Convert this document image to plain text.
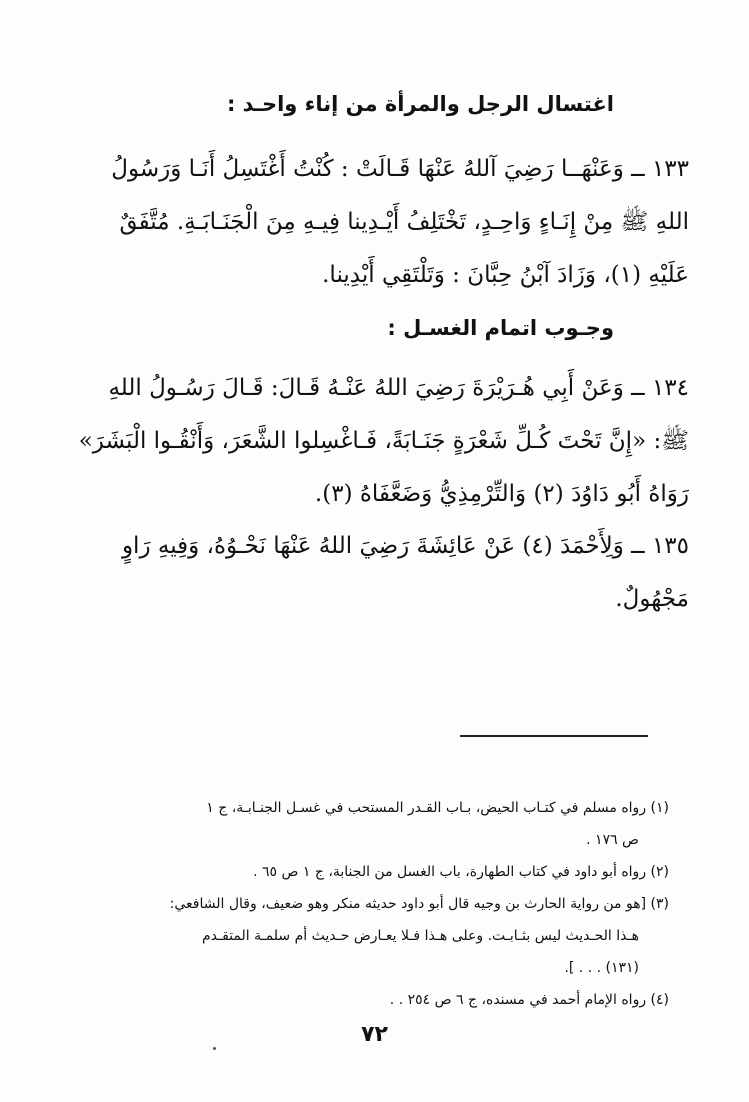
اغتسال الرجل والمرأة من إناء واحـد :
١٣٣ ــ وَعَنْهَــا رَضِيَ آللهُ عَنْهَا قَـالَتْ : كُنْتُ أَغْتَسِلُ أَنَـا وَرَسُولُ
اللهِ ﷺ مِنْ إِنَـاءٍ وَاحِـدٍ، تَخْتَلِفُ أَيْـدِينا فِيـهِ مِنَ الْجَنَـابَـةِ. مُتَّفَقٌ
عَلَيْهِ (١)، وَزَادَ آبْنُ حِبَّانَ : وَتَلْتَقِي أَيْدِينا.
وجـوب اتمام الغسـل :
١٣٤ ــ وَعَنْ أَبِي هُـرَيْرَةَ رَضِيَ اللهُ عَنْـهُ قَـالَ: قَـالَ رَسُـولُ اللهِ
ﷺ: «إِنَّ تَحْتَ كُـلِّ شَعْرَةٍ جَنَـابَةً، فَـاغْسِلوا الشَّعَرَ، وَأَنْقُـوا الْبَشَرَ»
رَوَاهُ أَبُو دَاوُدَ (٢) وَالتِّرْمِذِيُّ وَضَعَّفَاهُ (٣).
١٣٥ ــ وَلِأَحْمَدَ (٤) عَنْ عَائِشَةَ رَضِيَ اللهُ عَنْهَا نَحْـوُهُ، وَفِيهِ رَاوٍ
مَجْهُولٌ.
(١) رواه مسلم في كتـاب الحيض، بـاب القـدر المستحب في غسـل الجنـابـة، ج ١
ص ١٧٦ .
(٢) رواه أبو داود في كتاب الطهارة، باب الغسل من الجنابة، ج ١ ص ٦٥ .
(٣) [هو من رواية الحارث بن وجيه قال أبو داود حديثه منكر وهو ضعيف، وقال الشافعي:
هـذا الحـديث ليس بثـابـت. وعلى هـذا فـلا يعـارض حـديث أم سلمـة المتقـدم
(١٣١) . . . ].
(٤) رواه الإمام أحمد في مسنده، ج ٦ ص ٢٥٤ . .
٧٢
